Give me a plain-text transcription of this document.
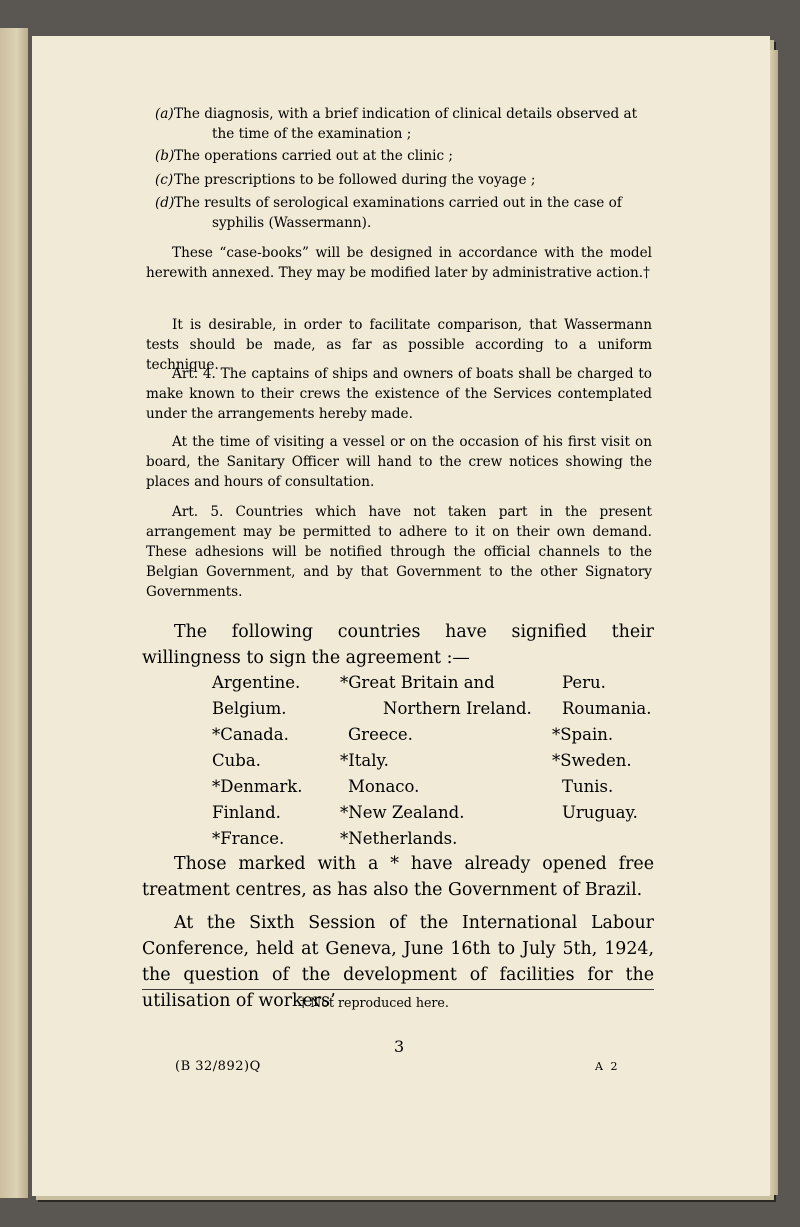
(a) The diagnosis, with a brief indication of clinical details observed at the time of the examination ;
(b) The operations carried out at the clinic ;
(c) The prescriptions to be followed during the voyage ;
(d) The results of serological examinations carried out in the case of syphilis (Wassermann).
These “case-books” will be designed in accordance with the model herewith annexed. They may be modified later by administrative action.†
It is desirable, in order to facilitate comparison, that Wassermann tests should be made, as far as possible according to a uniform technique.
Art. 4. The captains of ships and owners of boats shall be charged to make known to their crews the existence of the Services contemplated under the arrangements hereby made.
At the time of visiting a vessel or on the occasion of his first visit on board, the Sanitary Officer will hand to the crew notices showing the places and hours of consultation.
Art. 5. Countries which have not taken part in the present arrangement may be permitted to adhere to it on their own demand. These adhesions will be notified through the official channels to the Belgian Government, and by that Government to the other Signatory Governments.
The following countries have signified their willingness to sign the agreement :—
Argentine.
Belgium.
*Canada.
Cuba.
*Denmark.
Finland.
*France.
*Great Britain and
Northern Ireland.
Greece.
*Italy.
Monaco.
*New Zealand.
*Netherlands.
Peru.
Roumania.
*Spain.
*Sweden.
Tunis.
Uruguay.
Those marked with a * have already opened free treatment centres, as has also the Government of Brazil.
At the Sixth Session of the International Labour Conference, held at Geneva, June 16th to July 5th, 1924, the question of the development of facilities for the utilisation of workers’
† Not reproduced here.
3
(B 32/892)Q	A 2
